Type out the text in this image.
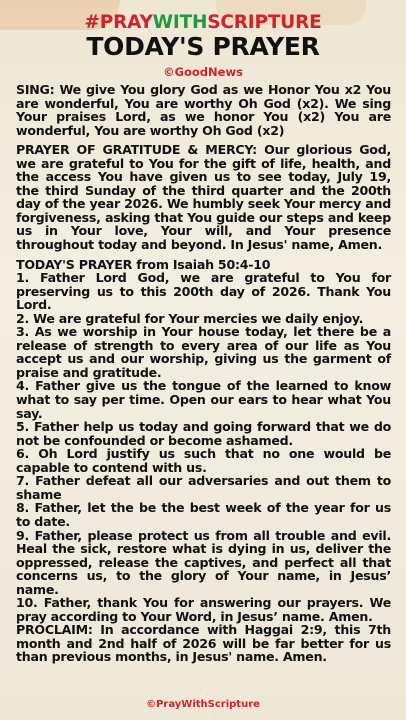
#PRAYWITHSCRIPTURE
TODAY'S PRAYER
©GoodNews

SING: We give You glory God as we Honor You x2 You are wonderful, You are worthy Oh God (x2). We sing Your praises Lord, as we honor You (x2) You are wonderful, You are worthy Oh God (x2)

PRAYER OF GRATITUDE & MERCY: Our glorious God, we are grateful to You for the gift of life, health, and the access You have given us to see today, July 19, the third Sunday of the third quarter and the 200th day of the year 2026. We humbly seek Your mercy and forgiveness, asking that You guide our steps and keep us in Your love, Your will, and Your presence throughout today and beyond. In Jesus' name, Amen.

TODAY'S PRAYER from Isaiah 50:4-10

1. Father Lord God, we are grateful to You for preserving us to this 200th day of 2026. Thank You Lord.

2. We are grateful for Your mercies we daily enjoy.

3. As we worship in Your house today, let there be a release of strength to every area of our life as You accept us and our worship, giving us the garment of praise and gratitude.

4. Father give us the tongue of the learned to know what to say per time. Open our ears to hear what You say.

5. Father help us today and going forward that we do not be confounded or become ashamed.

6. Oh Lord justify us such that no one would be capable to contend with us.

7. Father defeat all our adversaries and out them to shame

8. Father, let the be the best week of the year for us to date.

9. Father, please protect us from all trouble and evil. Heal the sick, restore what is dying in us, deliver the oppressed, release the captives, and perfect all that concerns us, to the glory of Your name, in Jesus’ name.

10. Father, thank You for answering our prayers. We pray according to Your Word, in Jesus’ name. Amen.

PROCLAIM: In accordance with Haggai 2:9, this 7th month and 2nd half of 2026 will be far better for us than previous months, in Jesus' name. Amen.

©PrayWithScripture
